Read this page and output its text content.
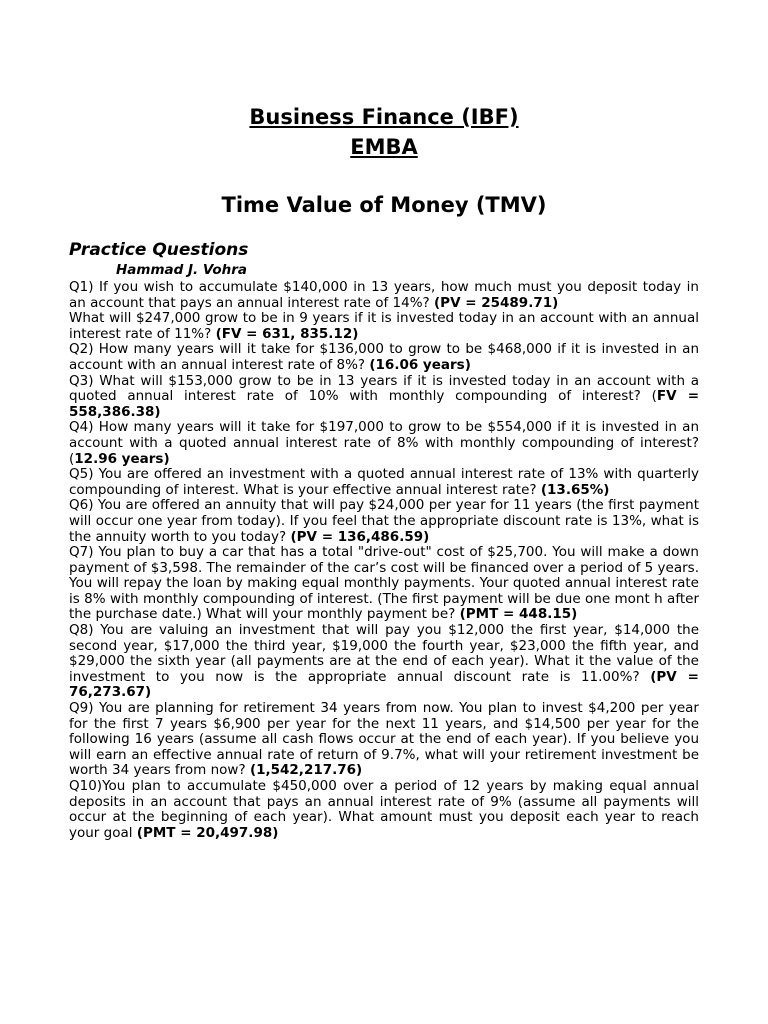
Business Finance (IBF)
EMBA
Time Value of Money (TMV)
Practice Questions
Hammad J. Vohra

Q1) If you wish to accumulate $140,000 in 13 years, how much must you deposit today in an account that pays an annual interest rate of 14%? (PV = 25489.71)

What will $247,000 grow to be in 9 years if it is invested today in an account with an annual interest rate of 11%? (FV = 631, 835.12)

Q2) How many years will it take for $136,000 to grow to be $468,000 if it is invested in an account with an annual interest rate of 8%? (16.06 years)

Q3) What will $153,000 grow to be in 13 years if it is invested today in an account with a quoted annual interest rate of 10% with monthly compounding of interest? (FV = 558,386.38)

Q4) How many years will it take for $197,000 to grow to be $554,000 if it is invested in an account with a quoted annual interest rate of 8% with monthly compounding of interest? (12.96 years)

Q5) You are offered an investment with a quoted annual interest rate of 13% with quarterly compounding of interest. What is your effective annual interest rate? (13.65%)

Q6) You are offered an annuity that will pay $24,000 per year for 11 years (the first payment will occur one year from today). If you feel that the appropriate discount rate is 13%, what is the annuity worth to you today? (PV = 136,486.59)

Q7) You plan to buy a car that has a total "drive-out" cost of $25,700. You will make a down payment of $3,598. The remainder of the car’s cost will be financed over a period of 5 years. You will repay the loan by making equal monthly payments. Your quoted annual interest rate is 8% with monthly compounding of interest. (The first payment will be due one mont h after the purchase date.) What will your monthly payment be? (PMT = 448.15)

Q8) You are valuing an investment that will pay you $12,000 the first year, $14,000 the second year, $17,000 the third year, $19,000 the fourth year, $23,000 the fifth year, and $29,000 the sixth year (all payments are at the end of each year). What it the value of the investment to you now is the appropriate annual discount rate is 11.00%? (PV = 76,273.67)

Q9) You are planning for retirement 34 years from now. You plan to invest $4,200 per year for the first 7 years $6,900 per year for the next 11 years, and $14,500 per year for the following 16 years (assume all cash flows occur at the end of each year). If you believe you will earn an effective annual rate of return of 9.7%, what will your retirement investment be worth 34 years from now? (1,542,217.76)

Q10)You plan to accumulate $450,000 over a period of 12 years by making equal annual deposits in an account that pays an annual interest rate of 9% (assume all payments will occur at the beginning of each year). What amount must you deposit each year to reach your goal (PMT = 20,497.98)
